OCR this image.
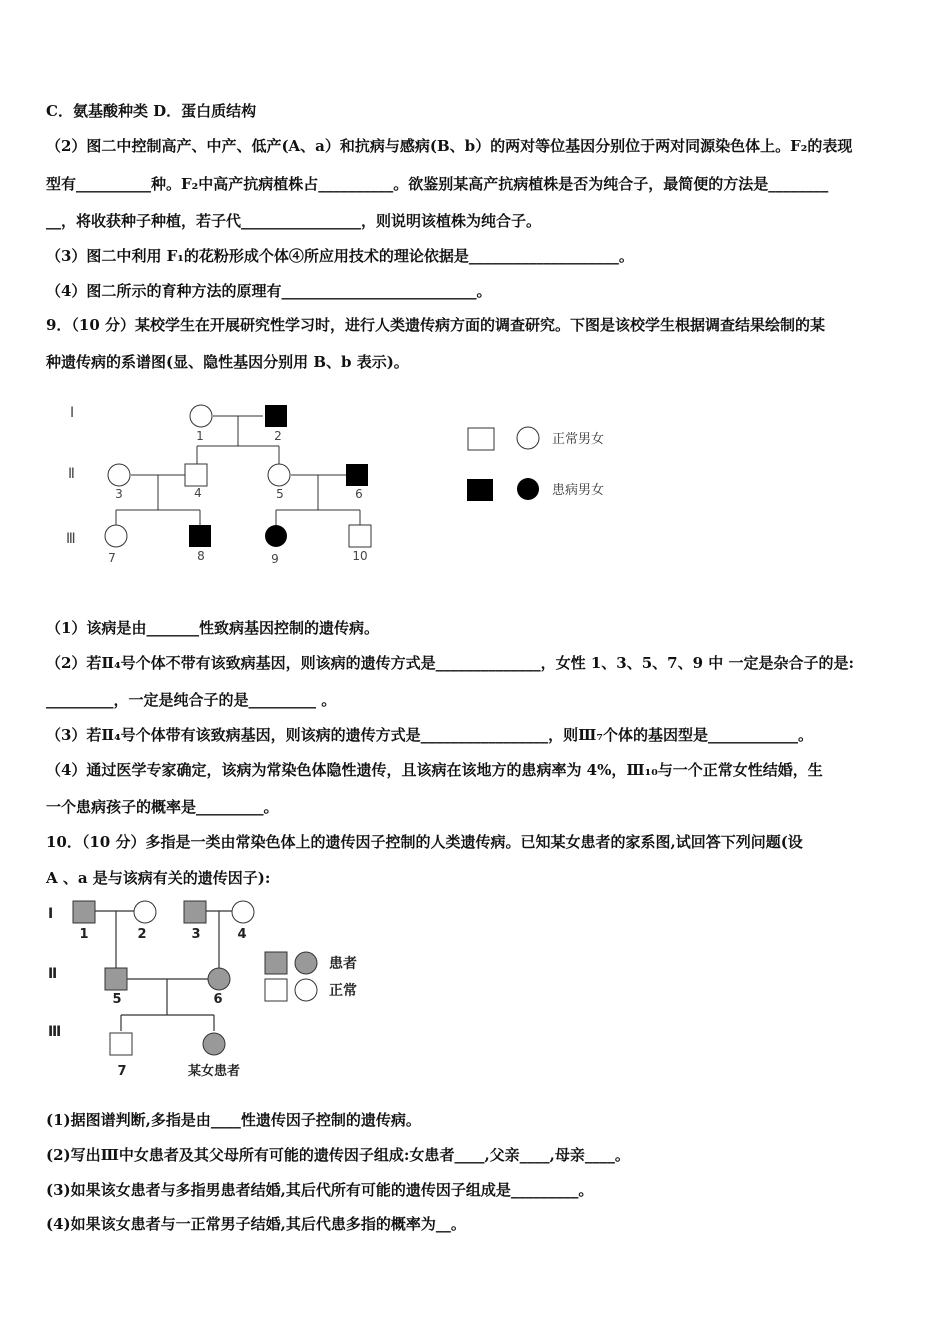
C．氨基酸种类 D．蛋白质结构
（2）图二中控制高产、中产、低产(A、a）和抗病与感病(B、b）的两对等位基因分别位于两对同源染色体上。F₂的表现
型有__________种。F₂中高产抗病植株占__________。欲鉴别某高产抗病植株是否为纯合子，最简便的方法是________
__，将收获种子种植，若子代________________，则说明该植株为纯合子。
（3）图二中利用 F₁的花粉形成个体④所应用技术的理论依据是____________________。
（4）图二所示的育种方法的原理有__________________________。
9．（10 分）某校学生在开展研究性学习时，进行人类遗传病方面的调查研究。下图是该校学生根据调查结果绘制的某
种遗传病的系谱图(显、隐性基因分别用 B、b 表示)。
Ⅰ
Ⅱ
Ⅲ
1	2
3	4	5	6
7	8	9	10
正常男女
患病男女
（1）该病是由_______性致病基因控制的遗传病。
（2）若Ⅱ₄号个体不带有该致病基因，则该病的遗传方式是______________，女性 1、3、5、7、9 中 一定是杂合子的是:
_________，一定是纯合子的是_________ 。
（3）若Ⅱ₄号个体带有该致病基因，则该病的遗传方式是_________________，则Ⅲ₇个体的基因型是____________。
（4）通过医学专家确定，该病为常染色体隐性遗传，且该病在该地方的患病率为 4%，Ⅲ₁₀与一个正常女性结婚，生
一个患病孩子的概率是_________。
10．（10 分）多指是一类由常染色体上的遗传因子控制的人类遗传病。已知某女患者的家系图,试回答下列问题(设
A 、a 是与该病有关的遗传因子):
Ⅰ
Ⅱ
Ⅲ
1	2	3	4
5	6
7	某女患者
患者
正常
(1)据图谱判断,多指是由____性遗传因子控制的遗传病。
(2)写出Ⅲ中女患者及其父母所有可能的遗传因子组成:女患者____,父亲____,母亲____。
(3)如果该女患者与多指男患者结婚,其后代所有可能的遗传因子组成是_________。
(4)如果该女患者与一正常男子结婚,其后代患多指的概率为__。
